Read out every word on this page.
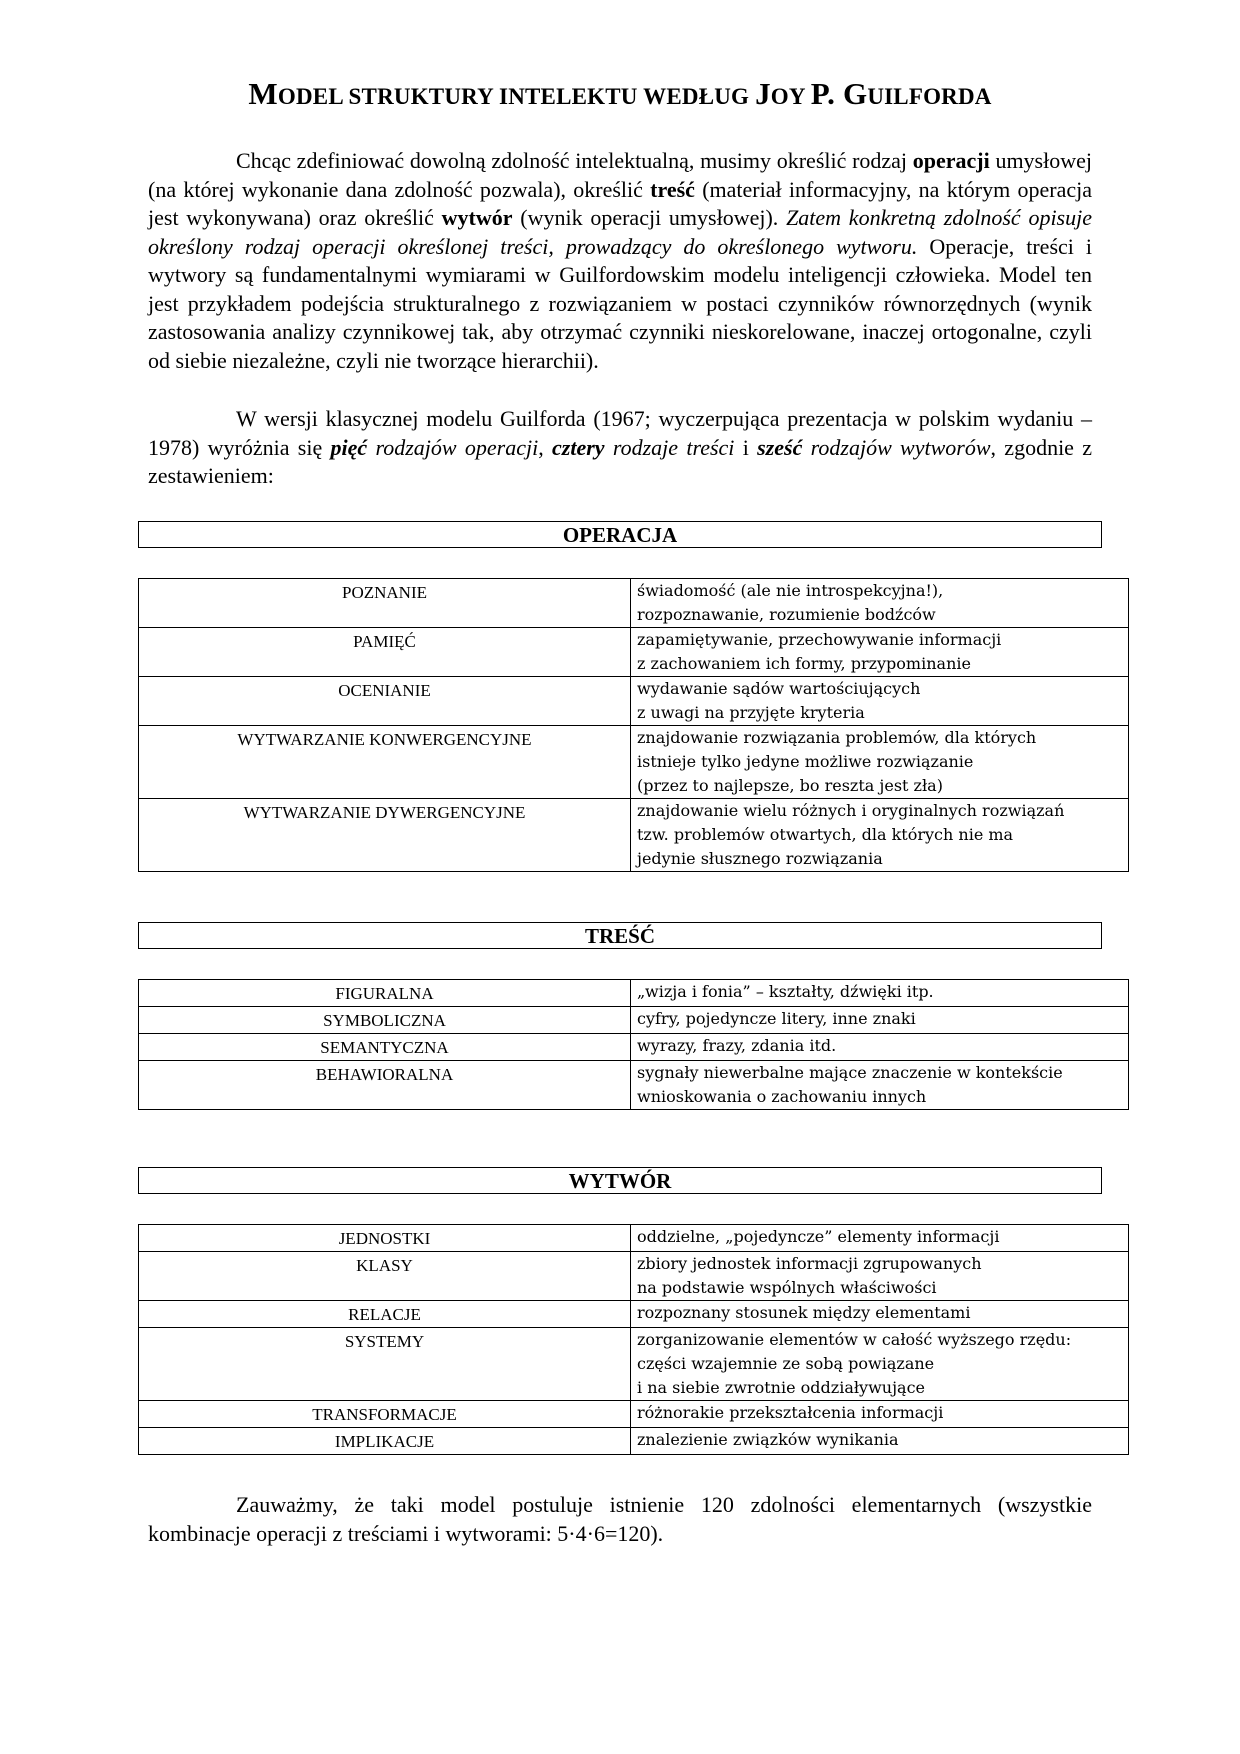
MODEL STRUKTURY INTELEKTU WEDŁUG JOY P. GUILFORDA

Chcąc zdefiniować dowolną zdolność intelektualną, musimy określić rodzaj operacji umysłowej (na której wykonanie dana zdolność pozwala), określić treść (materiał informacyjny, na którym operacja jest wykonywana) oraz określić wytwór (wynik operacji umysłowej). Zatem konkretną zdolność opisuje określony rodzaj operacji określonej treści, prowadzący do określonego wytworu. Operacje, treści i wytwory są fundamentalnymi wymiarami w Guilfordowskim modelu inteligencji człowieka. Model ten jest przykładem podejścia strukturalnego z rozwiązaniem w postaci czynników równorzędnych (wynik zastosowania analizy czynnikowej tak, aby otrzymać czynniki nieskorelowane, inaczej ortogonalne, czyli od siebie niezależne, czyli nie tworzące hierarchii).

W wersji klasycznej modelu Guilforda (1967; wyczerpująca prezentacja w polskim wydaniu – 1978) wyróżnia się pięć rodzajów operacji, cztery rodzaje treści i sześć rodzajów wytworów, zgodnie z zestawieniem:

OPERACJA
POZNANIE	świadomość (ale nie introspekcyjna!),
rozpoznawanie, rozumienie bodźców

PAMIĘĆ	zapamiętywanie, przechowywanie informacji
z zachowaniem ich formy, przypominanie

OCENIANIE	wydawanie sądów wartościujących
z uwagi na przyjęte kryteria

WYTWARZANIE KONWERGENCYJNE	znajdowanie rozwiązania problemów, dla których
istnieje tylko jedyne możliwe rozwiązanie
(przez to najlepsze, bo reszta jest zła)

WYTWARZANIE DYWERGENCYJNE	znajdowanie wielu różnych i oryginalnych rozwiązań
tzw. problemów otwartych, dla których nie ma
jedynie słusznego rozwiązania
TREŚĆ
FIGURALNA	„wizja i fonia” – kształty, dźwięki itp.

SYMBOLICZNA	cyfry, pojedyncze litery, inne znaki

SEMANTYCZNA	wyrazy, frazy, zdania itd.

BEHAWIORALNA	sygnały niewerbalne mające znaczenie w kontekście
wnioskowania o zachowaniu innych
WYTWÓR
JEDNOSTKI	oddzielne, „pojedyncze” elementy informacji

KLASY	zbiory jednostek informacji zgrupowanych
na podstawie wspólnych właściwości

RELACJE	rozpoznany stosunek między elementami

SYSTEMY	zorganizowanie elementów w całość wyższego rzędu:
części wzajemnie ze sobą powiązane
i na siebie zwrotnie oddziaływujące

TRANSFORMACJE	różnorakie przekształcenia informacji

IMPLIKACJE	znalezienie związków wynikania

Zauważmy, że taki model postuluje istnienie 120 zdolności elementarnych (wszystkie kombinacje operacji z treściami i wytworami: 5·4·6=120).
